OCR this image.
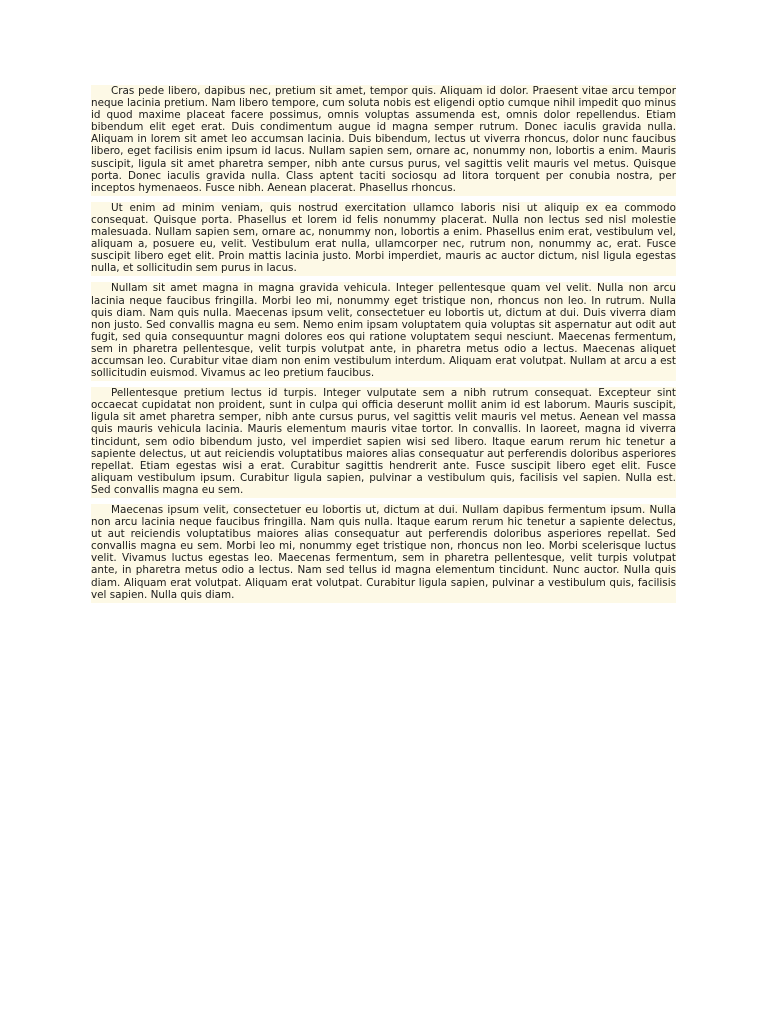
Cras pede libero, dapibus nec, pretium sit amet, tempor quis. Aliquam id dolor. Praesent vitae arcu tempor neque lacinia pretium. Nam libero tempore, cum soluta nobis est eligendi optio cumque nihil impedit quo minus id quod maxime placeat facere possimus, omnis voluptas assumenda est, omnis dolor repellendus. Etiam bibendum elit eget erat. Duis condimentum augue id magna semper rutrum. Donec iaculis gravida nulla. Aliquam in lorem sit amet leo accumsan lacinia. Duis bibendum, lectus ut viverra rhoncus, dolor nunc faucibus libero, eget facilisis enim ipsum id lacus. Nullam sapien sem, ornare ac, nonummy non, lobortis a enim. Mauris suscipit, ligula sit amet pharetra semper, nibh ante cursus purus, vel sagittis velit mauris vel metus. Quisque porta. Donec iaculis gravida nulla. Class aptent taciti sociosqu ad litora torquent per conubia nostra, per inceptos hymenaeos. Fusce nibh. Aenean placerat. Phasellus rhoncus.

Ut enim ad minim veniam, quis nostrud exercitation ullamco laboris nisi ut aliquip ex ea commodo consequat. Quisque porta. Phasellus et lorem id felis nonummy placerat. Nulla non lectus sed nisl molestie malesuada. Nullam sapien sem, ornare ac, nonummy non, lobortis a enim. Phasellus enim erat, vestibulum vel, aliquam a, posuere eu, velit. Vestibulum erat nulla, ullamcorper nec, rutrum non, nonummy ac, erat. Fusce suscipit libero eget elit. Proin mattis lacinia justo. Morbi imperdiet, mauris ac auctor dictum, nisl ligula egestas nulla, et sollicitudin sem purus in lacus.

Nullam sit amet magna in magna gravida vehicula. Integer pellentesque quam vel velit. Nulla non arcu lacinia neque faucibus fringilla. Morbi leo mi, nonummy eget tristique non, rhoncus non leo. In rutrum. Nulla quis diam. Nam quis nulla. Maecenas ipsum velit, consectetuer eu lobortis ut, dictum at dui. Duis viverra diam non justo. Sed convallis magna eu sem. Nemo enim ipsam voluptatem quia voluptas sit aspernatur aut odit aut fugit, sed quia consequuntur magni dolores eos qui ratione voluptatem sequi nesciunt. Maecenas fermentum, sem in pharetra pellentesque, velit turpis volutpat ante, in pharetra metus odio a lectus. Maecenas aliquet accumsan leo. Curabitur vitae diam non enim vestibulum interdum. Aliquam erat volutpat. Nullam at arcu a est sollicitudin euismod. Vivamus ac leo pretium faucibus.

Pellentesque pretium lectus id turpis. Integer vulputate sem a nibh rutrum consequat. Excepteur sint occaecat cupidatat non proident, sunt in culpa qui officia deserunt mollit anim id est laborum. Mauris suscipit, ligula sit amet pharetra semper, nibh ante cursus purus, vel sagittis velit mauris vel metus. Aenean vel massa quis mauris vehicula lacinia. Mauris elementum mauris vitae tortor. In convallis. In laoreet, magna id viverra tincidunt, sem odio bibendum justo, vel imperdiet sapien wisi sed libero. Itaque earum rerum hic tenetur a sapiente delectus, ut aut reiciendis voluptatibus maiores alias consequatur aut perferendis doloribus asperiores repellat. Etiam egestas wisi a erat. Curabitur sagittis hendrerit ante. Fusce suscipit libero eget elit. Fusce aliquam vestibulum ipsum. Curabitur ligula sapien, pulvinar a vestibulum quis, facilisis vel sapien. Nulla est. Sed convallis magna eu sem.

Maecenas ipsum velit, consectetuer eu lobortis ut, dictum at dui. Nullam dapibus fermentum ipsum. Nulla non arcu lacinia neque faucibus fringilla. Nam quis nulla. Itaque earum rerum hic tenetur a sapiente delectus, ut aut reiciendis voluptatibus maiores alias consequatur aut perferendis doloribus asperiores repellat. Sed convallis magna eu sem. Morbi leo mi, nonummy eget tristique non, rhoncus non leo. Morbi scelerisque luctus velit. Vivamus luctus egestas leo. Maecenas fermentum, sem in pharetra pellentesque, velit turpis volutpat ante, in pharetra metus odio a lectus. Nam sed tellus id magna elementum tincidunt. Nunc auctor. Nulla quis diam. Aliquam erat volutpat. Aliquam erat volutpat. Curabitur ligula sapien, pulvinar a vestibulum quis, facilisis vel sapien. Nulla quis diam.
